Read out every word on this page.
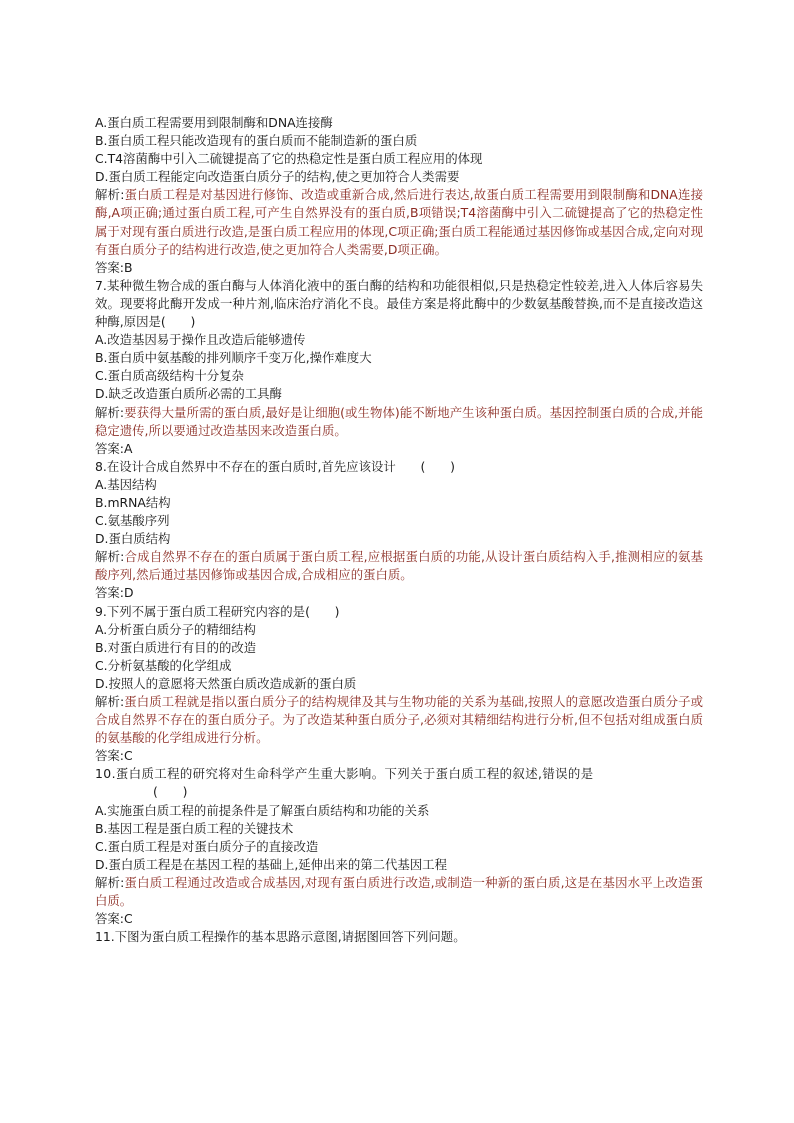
A.蛋白质工程需要用到限制酶和DNA连接酶

B.蛋白质工程只能改造现有的蛋白质而不能制造新的蛋白质

C.T4溶菌酶中引入二硫键提高了它的热稳定性是蛋白质工程应用的体现

D.蛋白质工程能定向改造蛋白质分子的结构,使之更加符合人类需要

解析:蛋白质工程是对基因进行修饰、改造或重新合成,然后进行表达,故蛋白质工程需要用到限制酶和DNA连接酶,A项正确;通过蛋白质工程,可产生自然界没有的蛋白质,B项错误;T4溶菌酶中引入二硫键提高了它的热稳定性属于对现有蛋白质进行改造,是蛋白质工程应用的体现,C项正确;蛋白质工程能通过基因修饰或基因合成,定向对现有蛋白质分子的结构进行改造,使之更加符合人类需要,D项正确。

答案:B

7.某种微生物合成的蛋白酶与人体消化液中的蛋白酶的结构和功能很相似,只是热稳定性较差,进入人体后容易失效。现要将此酶开发成一种片剂,临床治疗消化不良。最佳方案是将此酶中的少数氨基酸替换,而不是直接改造这种酶,原因是(　　)

A.改造基因易于操作且改造后能够遗传

B.蛋白质中氨基酸的排列顺序千变万化,操作难度大

C.蛋白质高级结构十分复杂

D.缺乏改造蛋白质所必需的工具酶

解析:要获得大量所需的蛋白质,最好是让细胞(或生物体)能不断地产生该种蛋白质。基因控制蛋白质的合成,并能稳定遗传,所以要通过改造基因来改造蛋白质。

答案:A

8.在设计合成自然界中不存在的蛋白质时,首先应该设计　　(　　)

A.基因结构

B.mRNA结构

C.氨基酸序列

D.蛋白质结构

解析:合成自然界不存在的蛋白质属于蛋白质工程,应根据蛋白质的功能,从设计蛋白质结构入手,推测相应的氨基酸序列,然后通过基因修饰或基因合成,合成相应的蛋白质。

答案:D

9.下列不属于蛋白质工程研究内容的是(　　)

A.分析蛋白质分子的精细结构

B.对蛋白质进行有目的的改造

C.分析氨基酸的化学组成

D.按照人的意愿将天然蛋白质改造成新的蛋白质

解析:蛋白质工程就是指以蛋白质分子的结构规律及其与生物功能的关系为基础,按照人的意愿改造蛋白质分子或合成自然界不存在的蛋白质分子。为了改造某种蛋白质分子,必须对其精细结构进行分析,但不包括对组成蛋白质的氨基酸的化学组成进行分析。

答案:C

10.蛋白质工程的研究将对生命科学产生重大影响。下列关于蛋白质工程的叙述,错误的是

(　　)

A.实施蛋白质工程的前提条件是了解蛋白质结构和功能的关系

B.基因工程是蛋白质工程的关键技术

C.蛋白质工程是对蛋白质分子的直接改造

D.蛋白质工程是在基因工程的基础上,延伸出来的第二代基因工程

解析:蛋白质工程通过改造或合成基因,对现有蛋白质进行改造,或制造一种新的蛋白质,这是在基因水平上改造蛋白质。

答案:C

11.下图为蛋白质工程操作的基本思路示意图,请据图回答下列问题。
